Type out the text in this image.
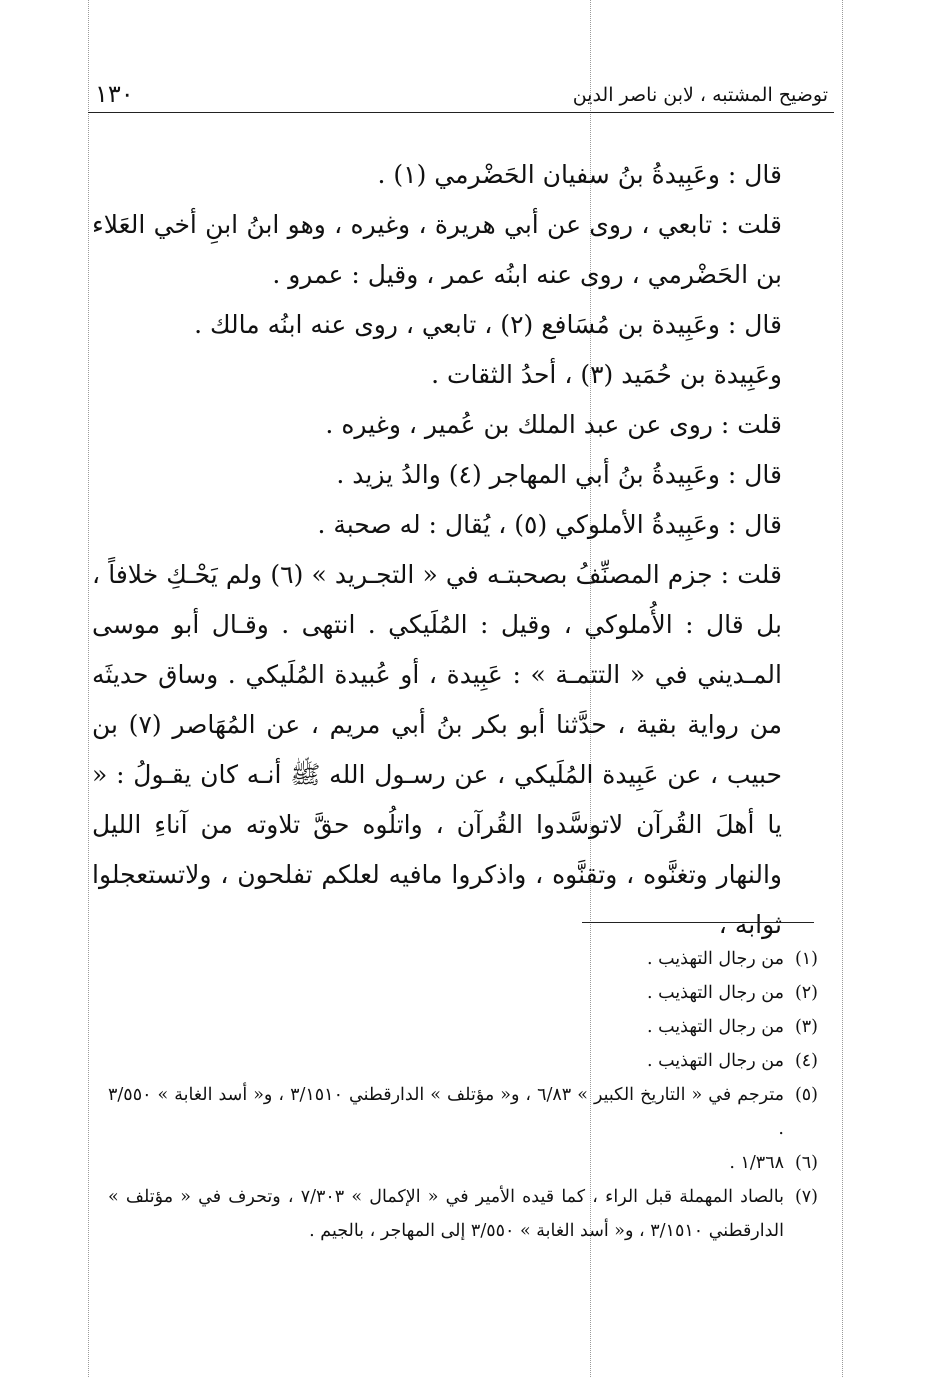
توضيح المشتبه ، لابن ناصر الدين
١٣٠

قال : وعَبِيدةُ بنُ سفيان الحَضْرمي (١) .

قلت : تابعي ، روى عن أبي هريرة ، وغيره ، وهو ابنُ ابنِ أخي العَلاء بن الحَضْرمي ، روى عنه ابنُه عمر ، وقيل : عمرو .

قال : وعَبِيدة بن مُسَافع (٢) ، تابعي ، روى عنه ابنُه مالك .

وعَبِيدة بن حُمَيد (٣) ، أحدُ الثقات .

قلت : روى عن عبد الملك بن عُمير ، وغيره .

قال : وعَبِيدةُ بنُ أبي المهاجر (٤) والدُ يزيد .

قال : وعَبِيدةُ الأملوكي (٥) ، يُقال : له صحبة .

قلت : جزم المصنِّفُ بصحبتـه في « التجـريد » (٦) ولم يَحْـكِ خلافاً ، بل قال : الأُملوكي ، وقيل : المُلَيكي . انتهى . وقـال أبو موسى المـديني في « التتمـة » : عَبِيدة ، أو عُبيدة المُلَيكي . وساق حديثَه من رواية بقية ، حدَّثنا أبو بكر بنُ أبي مريم ، عن المُهَاصر (٧) بن حبيب ، عن عَبِيدة المُلَيكي ، عن رسـول الله ﷺ أنـه كان يقـولُ : « يا أهلَ القُرآن لاتوسَّدوا القُرآن ، واتلُوه حقَّ تلاوته من آناءِ الليل والنهار وتغنَّوه ، وتقنَّوه ، واذكروا مافيه لعلكم تفلحون ، ولاتستعجلوا ثوابه ،

(١)
من رجال التهذيب .
(٢)
من رجال التهذيب .
(٣)
من رجال التهذيب .
(٤)
من رجال التهذيب .
(٥)
مترجم في « التاريخ الكبير » ٦/٨٣ ، و« مؤتلف » الدارقطني ٣/١٥١٠ ، و« أسد الغابة » ٣/٥٥٠ .
(٦)
١/٣٦٨ .
(٧)
بالصاد المهملة قبل الراء ، كما قيده الأمير في « الإكمال » ٧/٣٠٣ ، وتحرف في « مؤتلف » الدارقطني ٣/١٥١٠ ، و« أسد الغابة » ٣/٥٥٠ إلى المهاجر ، بالجيم .
